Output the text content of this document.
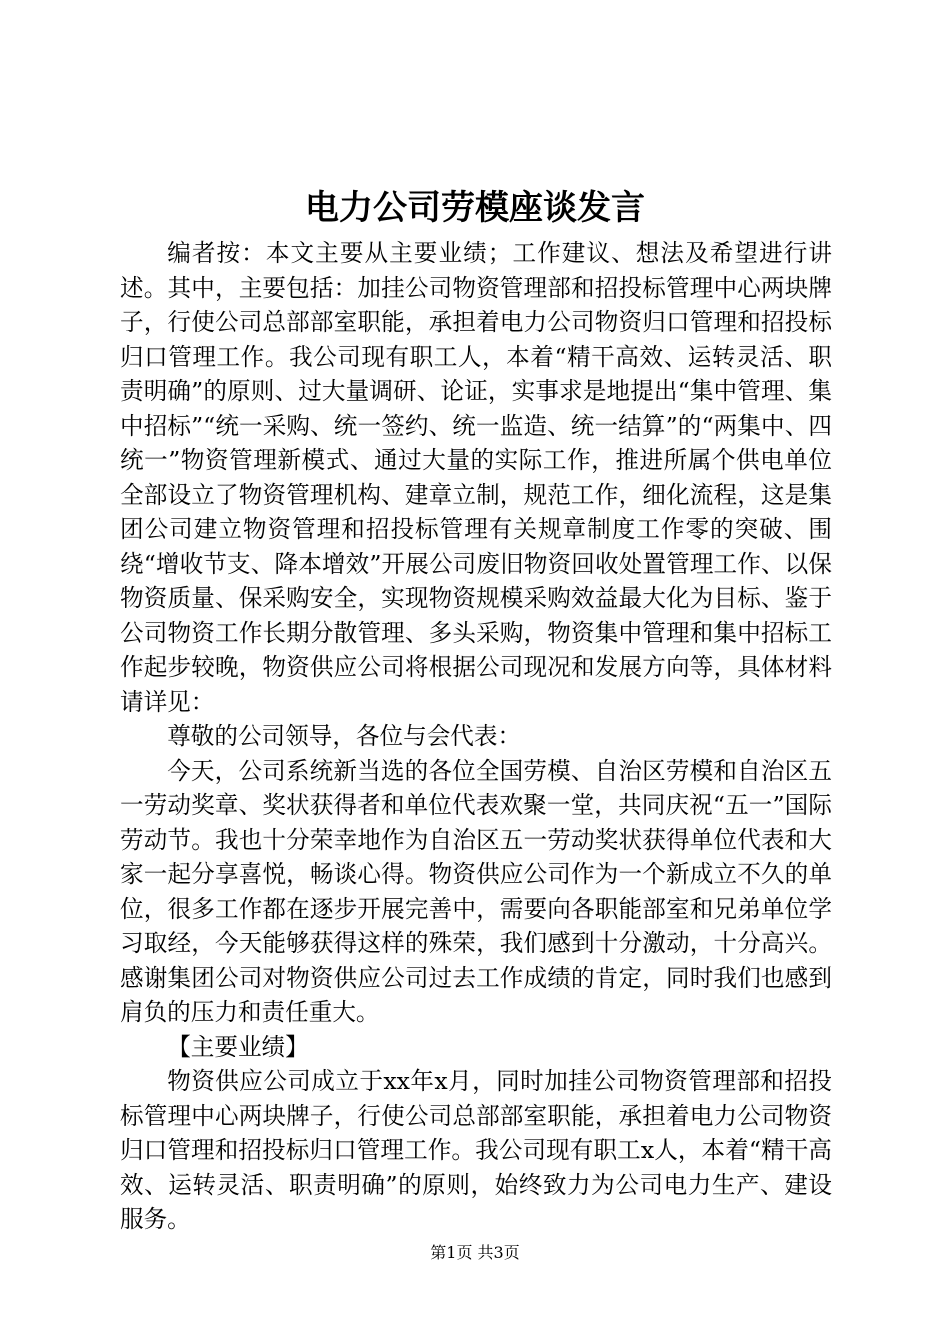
电力公司劳模座谈发言

编者按：本文主要从主要业绩；工作建议、想法及希望进行讲述。其中，主要包括：加挂公司物资管理部和招投标管理中心两块牌子，行使公司总部部室职能，承担着电力公司物资归口管理和招投标归口管理工作。我公司现有职工人，本着“精干高效、运转灵活、职责明确”的原则、过大量调研、论证，实事求是地提出“集中管理、集中招标”“统一采购、统一签约、统一监造、统一结算”的“两集中、四统一”物资管理新模式、通过大量的实际工作，推进所属个供电单位全部设立了物资管理机构、建章立制，规范工作，细化流程，这是集团公司建立物资管理和招投标管理有关规章制度工作零的突破、围绕“增收节支、降本增效”开展公司废旧物资回收处置管理工作、以保物资质量、保采购安全，实现物资规模采购效益最大化为目标、鉴于公司物资工作长期分散管理、多头采购，物资集中管理和集中招标工作起步较晚，物资供应公司将根据公司现况和发展方向等，具体材料请详见：

尊敬的公司领导，各位与会代表：

今天，公司系统新当选的各位全国劳模、自治区劳模和自治区五一劳动奖章、奖状获得者和单位代表欢聚一堂，共同庆祝“五一”国际劳动节。我也十分荣幸地作为自治区五一劳动奖状获得单位代表和大家一起分享喜悦，畅谈心得。物资供应公司作为一个新成立不久的单位，很多工作都在逐步开展完善中，需要向各职能部室和兄弟单位学习取经，今天能够获得这样的殊荣，我们感到十分激动，十分高兴。感谢集团公司对物资供应公司过去工作成绩的肯定，同时我们也感到肩负的压力和责任重大。

【主要业绩】

物资供应公司成立于xx年x月，同时加挂公司物资管理部和招投标管理中心两块牌子，行使公司总部部室职能，承担着电力公司物资归口管理和招投标归口管理工作。我公司现有职工x人，本着“精干高效、运转灵活、职责明确”的原则，始终致力为公司电力生产、建设服务。

第1页 共3页
